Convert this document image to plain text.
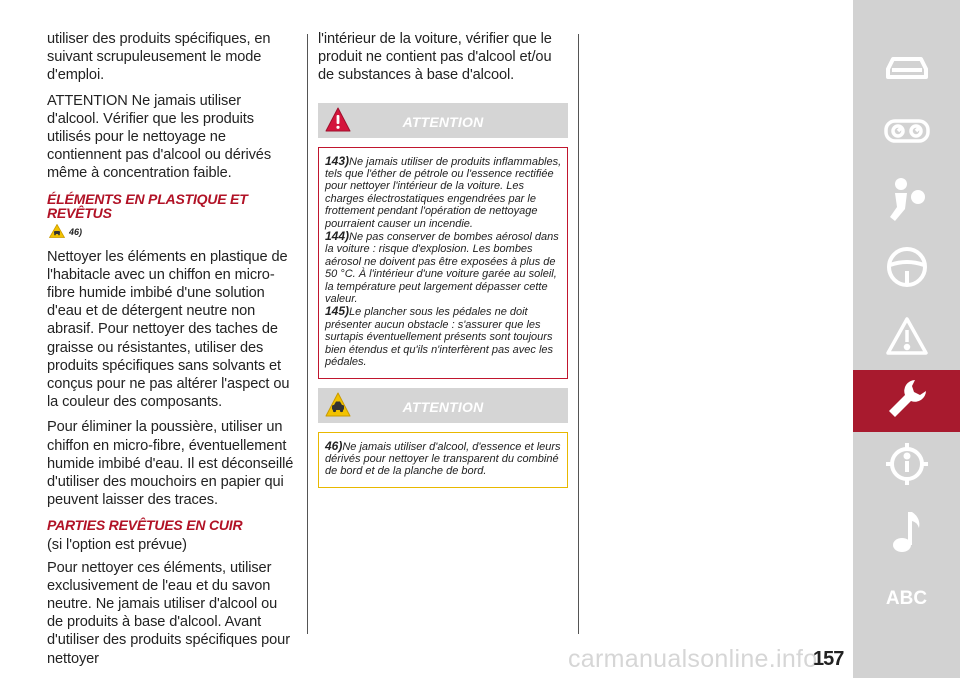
utiliser des produits spécifiques, en suivant scrupuleusement le mode d'emploi.

ATTENTION Ne jamais utiliser d'alcool. Vérifier que les produits utilisés pour le nettoyage ne contiennent pas d'alcool ou dérivés même à concentration faible.

ÉLÉMENTS EN PLASTIQUE ET REVÊTUS
46)

Nettoyer les éléments en plastique de l'habitacle avec un chiffon en micro-fibre humide imbibé d'une solution d'eau et de détergent neutre non abrasif. Pour nettoyer des taches de graisse ou résistantes, utiliser des produits spécifiques sans solvants et conçus pour ne pas altérer l'aspect ou la couleur des composants.

Pour éliminer la poussière, utiliser un chiffon en micro-fibre, éventuellement humide imbibé d'eau. Il est déconseillé d'utiliser des mouchoirs en papier qui peuvent laisser des traces.

PARTIES REVÊTUES EN CUIR

(si l'option est prévue)

Pour nettoyer ces éléments, utiliser exclusivement de l'eau et du savon neutre. Ne jamais utiliser d'alcool ou de produits à base d'alcool. Avant d'utiliser des produits spécifiques pour nettoyer

l'intérieur de la voiture, vérifier que le produit ne contient pas d'alcool et/ou de substances à base d'alcool.

ATTENTION

143)Ne jamais utiliser de produits inflammables, tels que l'éther de pétrole ou l'essence rectifiée pour nettoyer l'intérieur de la voiture. Les charges électrostatiques engendrées par le frottement pendant l'opération de nettoyage pourraient causer un incendie.

144)Ne pas conserver de bombes aérosol dans la voiture : risque d'explosion. Les bombes aérosol ne doivent pas être exposées à plus de 50 °C. À l'intérieur d'une voiture garée au soleil, la température peut largement dépasser cette valeur.

145)Le plancher sous les pédales ne doit présenter aucun obstacle : s'assurer que les surtapis éventuellement présents sont toujours bien étendus et qu'ils n'interfèrent pas avec les pédales.

ATTENTION

46)Ne jamais utiliser d'alcool, d'essence et leurs dérivés pour nettoyer le transparent du combiné de bord et de la planche de bord.

ABC
carmanualsonline.info
157
